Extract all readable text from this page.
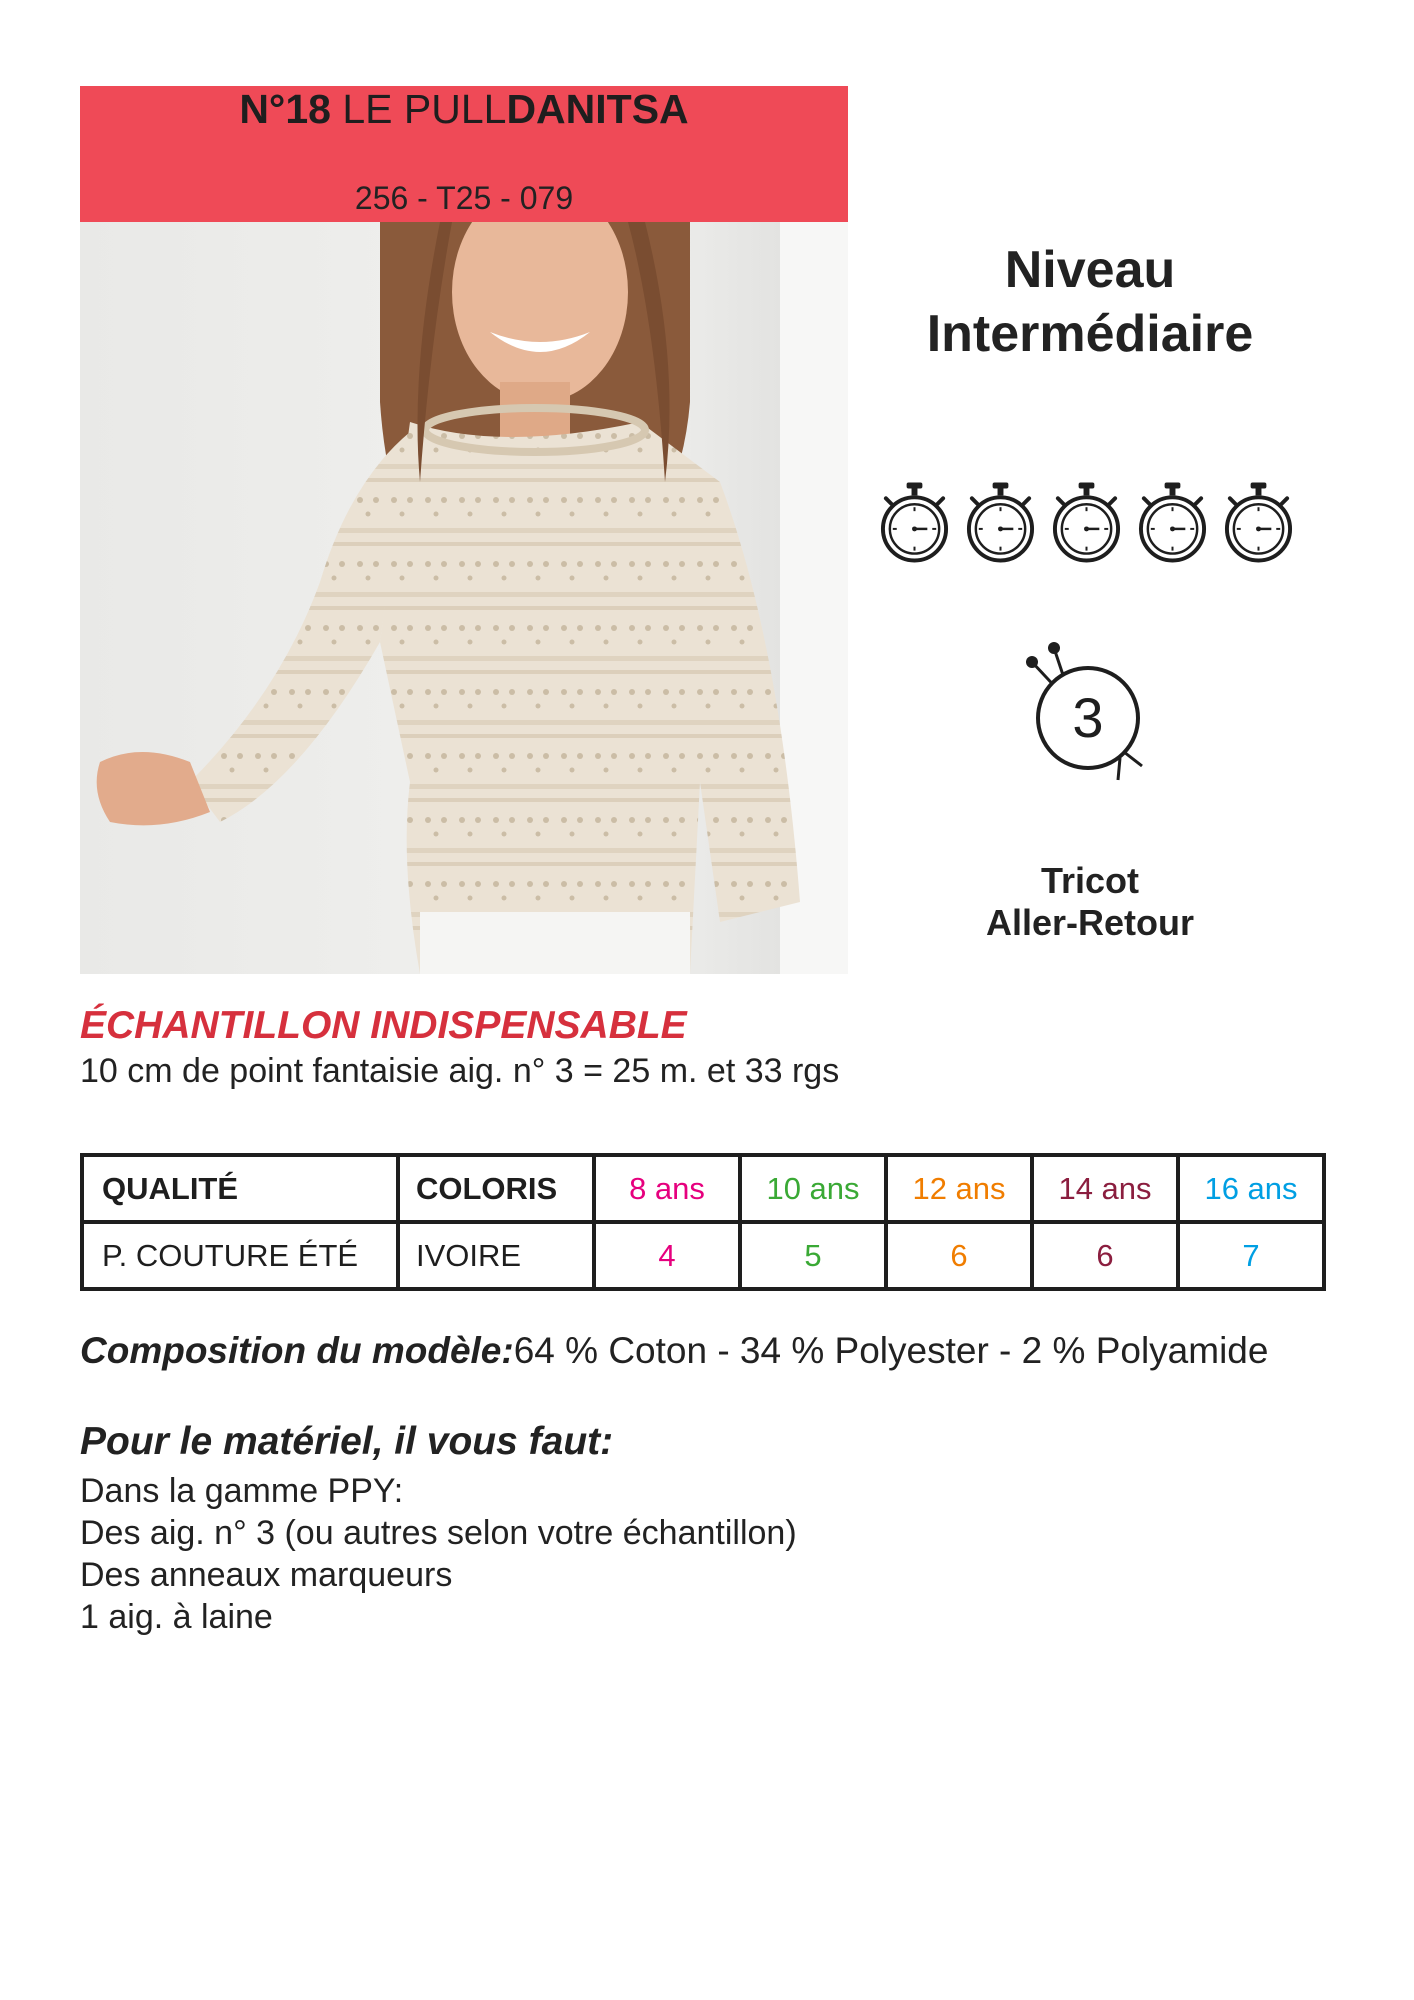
N°18 LE PULLDANITSA
256 - T25 - 079
Niveau
Intermédiaire
3
Tricot
Aller-Retour
ÉCHANTILLON INDISPENSABLE
10 cm de point fantaisie aig. n° 3 = 25 m. et 33 rgs
QUALITÉ	COLORIS	8 ans	10 ans	12 ans	14 ans	16 ans
P. COUTURE ÉTÉ	IVOIRE	4	5	6	6	7
Composition du modèle:64 % Coton - 34 % Polyester - 2 % Polyamide
Pour le matériel, il vous faut:
Dans la gamme PPY:
Des aig. n° 3 (ou autres selon votre échantillon)
Des anneaux marqueurs
1 aig. à laine
